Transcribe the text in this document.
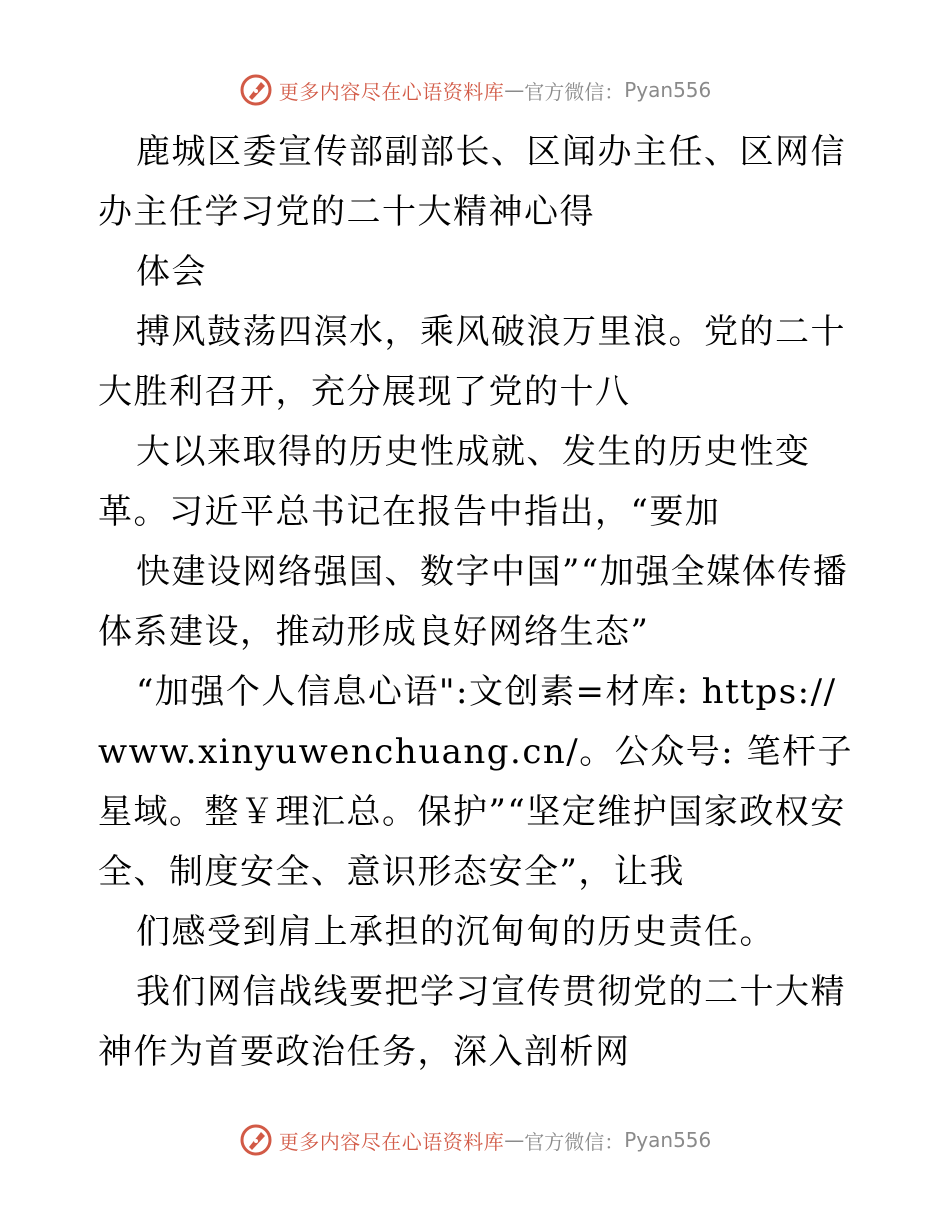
更多内容尽在心语资料库 — 官方微信： Pyan556

鹿城区委宣传部副部长、区闻办主任、区网信办主任学习党的二十大精神心得

体会

搏风鼓荡四溟水，乘风破浪万里浪。党的二十大胜利召开，充分展现了党的十八

大以来取得的历史性成就、发生的历史性变革。习近平总书记在报告中指出，“要加

快建设网络强国、数字中国”“加强全媒体传播体系建设，推动形成良好网络生态”

“加强个人信息心语":文创素=材库: https://www.xinyuwenchuang.cn/。公众号: 笔杆子星域。整￥理汇总。保护”“坚定维护国家政权安全、制度安全、意识形态安全”，让我

们感受到肩上承担的沉甸甸的历史责任。

我们网信战线要把学习宣传贯彻党的二十大精神作为首要政治任务，深入剖析网

更多内容尽在心语资料库 — 官方微信： Pyan556
